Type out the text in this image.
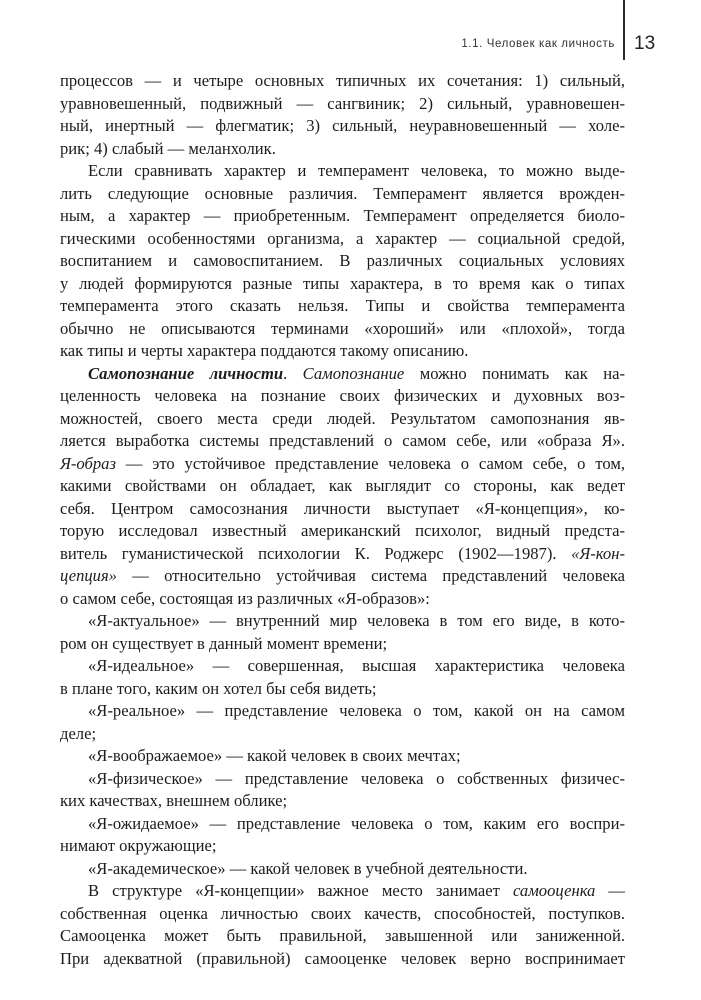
1.1. Человек как личность 13
процессов — и четыре основных типичных их сочетания: 1) сильный,
уравновешенный, подвижный — сангвиник; 2) сильный, уравновешен-
ный, инертный — флегматик; 3) сильный, неуравновешенный — холе-
рик; 4) слабый — меланхолик.
Если сравнивать характер и темперамент человека, то можно выде-
лить следующие основные различия. Темперамент является врожден-
ным, а характер — приобретенным. Темперамент определяется биоло-
гическими особенностями организма, а характер — социальной средой,
воспитанием и самовоспитанием. В различных социальных условиях
у людей формируются разные типы характера, в то время как о типах
темперамента этого сказать нельзя. Типы и свойства темперамента
обычно не описываются терминами «хороший» или «плохой», тогда
как типы и черты характера поддаются такому описанию.
Самопознание личности. Самопознание можно понимать как на-
целенность человека на познание своих физических и духовных воз-
можностей, своего места среди людей. Результатом самопознания яв-
ляется выработка системы представлений о самом себе, или «образа Я».
Я-образ — это устойчивое представление человека о самом себе, о том,
какими свойствами он обладает, как выглядит со стороны, как ведет
себя. Центром самосознания личности выступает «Я-концепция», ко-
торую исследовал известный американский психолог, видный предста-
витель гуманистической психологии К. Роджерс (1902—1987). «Я-кон-
цепция» — относительно устойчивая система представлений человека
о самом себе, состоящая из различных «Я-образов»:
«Я-актуальное» — внутренний мир человека в том его виде, в кото-
ром он существует в данный момент времени;
«Я-идеальное» — совершенная, высшая характеристика человека
в плане того, каким он хотел бы себя видеть;
«Я-реальное» — представление человека о том, какой он на самом
деле;
«Я-воображаемое» — какой человек в своих мечтах;
«Я-физическое» — представление человека о собственных физичес-
ких качествах, внешнем облике;
«Я-ожидаемое» — представление человека о том, каким его воспри-
нимают окружающие;
«Я-академическое» — какой человек в учебной деятельности.
В структуре «Я-концепции» важное место занимает самооценка —
собственная оценка личностью своих качеств, способностей, поступков.
Самооценка может быть правильной, завышенной или заниженной.
При адекватной (правильной) самооценке человек верно воспринимает
